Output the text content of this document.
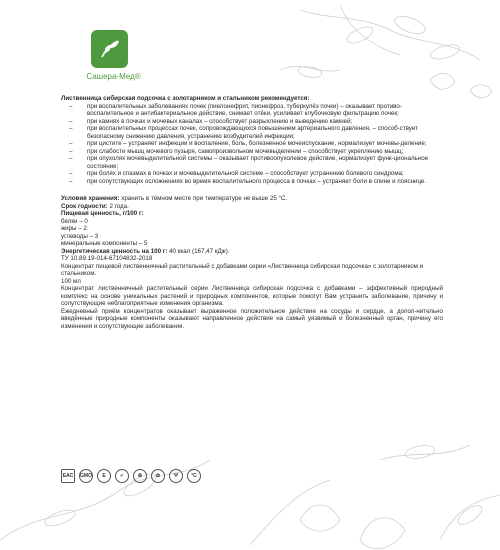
Сашера-Мед®
Лиственница сибирская подсочка с золотарником и стальником рекомендуется:
– при воспалительных заболеваниях почек (пиелонефрит, пионефроз, туберкулёз почки) – оказывает противо-воспалительное и антибактериальное действие, снимает отёки, усиливает клубочковую фильтрацию почек;
– при камнях в почках и мочевых каналах – способствует разрыхлению и выведению камней;
– при воспалительных процессах почек, сопровождающихся повышением артериального давления, – способ-ствует безопасному снижению давления, устранению возбудителей инфекции;
– при цистите – устраняет инфекции и воспаление, боль, болезненное мочеиспускание, нормализует мочевы-деление;
– при слабости мышц мочевого пузыря, самопроизвольном мочевыделении – способствует укреплению мышц;
– при опухолях мочевыделительной системы – оказывает противоопухолевое действие, нормализует функ-циональное состояние;
– при болях и спазмах в почках и мочевыделительной системе – способствует устранению болевого синдрома;
– при сопутствующих осложнениях во время воспалительного процесса в почках – устраняет боли в спине и пояснице.
Условия хранения: хранить в тёмном месте при температуре не выше 25 °С.
Срок годности: 2 года.
Пищевая ценность, г/100 г:
белки – 0
жиры – 2
углеводы – 3
минеральные компоненты – 5
Энергетическая ценность на 100 г: 40 ккал (167,47 кДж).
ТУ 10.89.19-014-67104832-2018
Концентрат пищевой лиственничный растительный с добавками серии «Лиственница сибирская подсочка» с золотарником и стальником.
100 мл
Концентрат лиственничный растительный серии Лиственница сибирская подсочка с добавками – эффективный природный комплекс на основе уникальных растений и природных компонентов, которые помогут Вам устранить заболевание, причину и сопутствующие неблагоприятные изменения организма.
Ежедневный приём концентратов оказывает выраженное положительное действие на сосуды и сердце, а допол-нительно введённые природные компоненты оказывают направленное действие на самый уязвимый и болезненный орган, причину его изменения и сопутствующие заболевания.
ЕАС	GMO	E	✓	♻	✿	Ψ	°C
